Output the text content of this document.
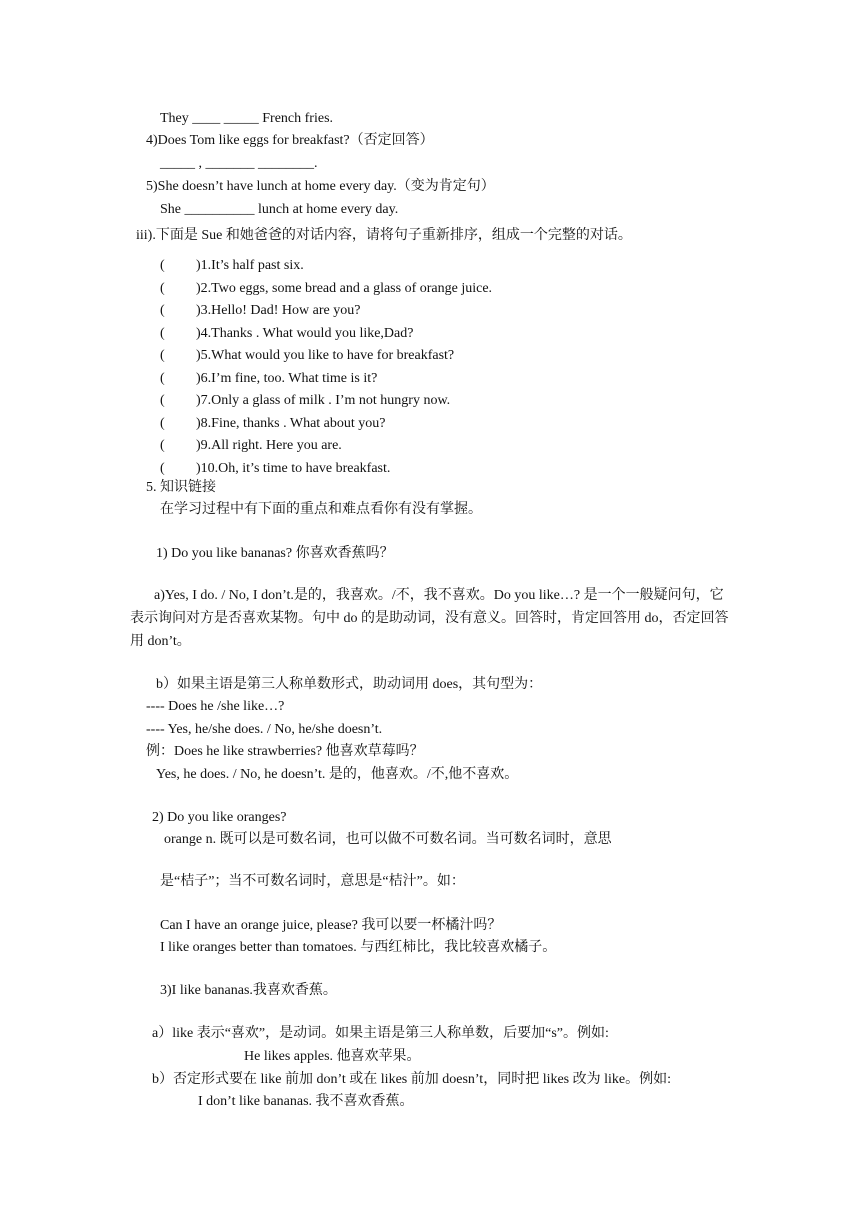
They ____ _____ French fries.
4)Does Tom like eggs for breakfast?（否定回答）
_____ , _______ ________.
5)She doesn’t have lunch at home every day.（变为肯定句）
She __________ lunch at home every day.
iii).下面是 Sue 和她爸爸的对话内容，请将句子重新排序，组成一个完整的对话。
( )1.It’s half past six.
( )2.Two eggs, some bread and a glass of orange juice.
( )3.Hello! Dad! How are you?
( )4.Thanks . What would you like,Dad?
( )5.What would you like to have for breakfast?
( )6.I’m fine, too. What time is it?
( )7.Only a glass of milk . I’m not hungry now.
( )8.Fine, thanks . What about you?
( )9.All right. Here you are.
( )10.Oh, it’s time to have breakfast.
5. 知识链接
在学习过程中有下面的重点和难点看你有没有掌握。
1) Do you like bananas? 你喜欢香蕉吗？
a)Yes, I do. / No, I don’t.是的，我喜欢。/不，我不喜欢。Do you like…? 是一个一般疑问句，它表示询问对方是否喜欢某物。句中 do 的是助动词，没有意义。回答时，肯定回答用 do，否定回答用 don’t。
b）如果主语是第三人称单数形式，助动词用 does，其句型为：
---- Does he /she like…?
---- Yes, he/she does. / No, he/she doesn’t.
例：Does he like strawberries? 他喜欢草莓吗？
Yes, he does. / No, he doesn’t. 是的，他喜欢。/不,他不喜欢。
2) Do you like oranges?
orange n. 既可以是可数名词，也可以做不可数名词。当可数名词时，意思
是“桔子”；当不可数名词时，意思是“桔汁”。如：
Can I have an orange juice, please? 我可以要一杯橘汁吗？
I like oranges better than tomatoes. 与西红柿比，我比较喜欢橘子。
3)I like bananas.我喜欢香蕉。
a）like 表示“喜欢”，是动词。如果主语是第三人称单数，后要加“s”。例如:
He likes apples. 他喜欢苹果。
b）否定形式要在 like 前加 don’t 或在 likes 前加 doesn’t，同时把 likes 改为 like。例如:
I don’t like bananas. 我不喜欢香蕉。
